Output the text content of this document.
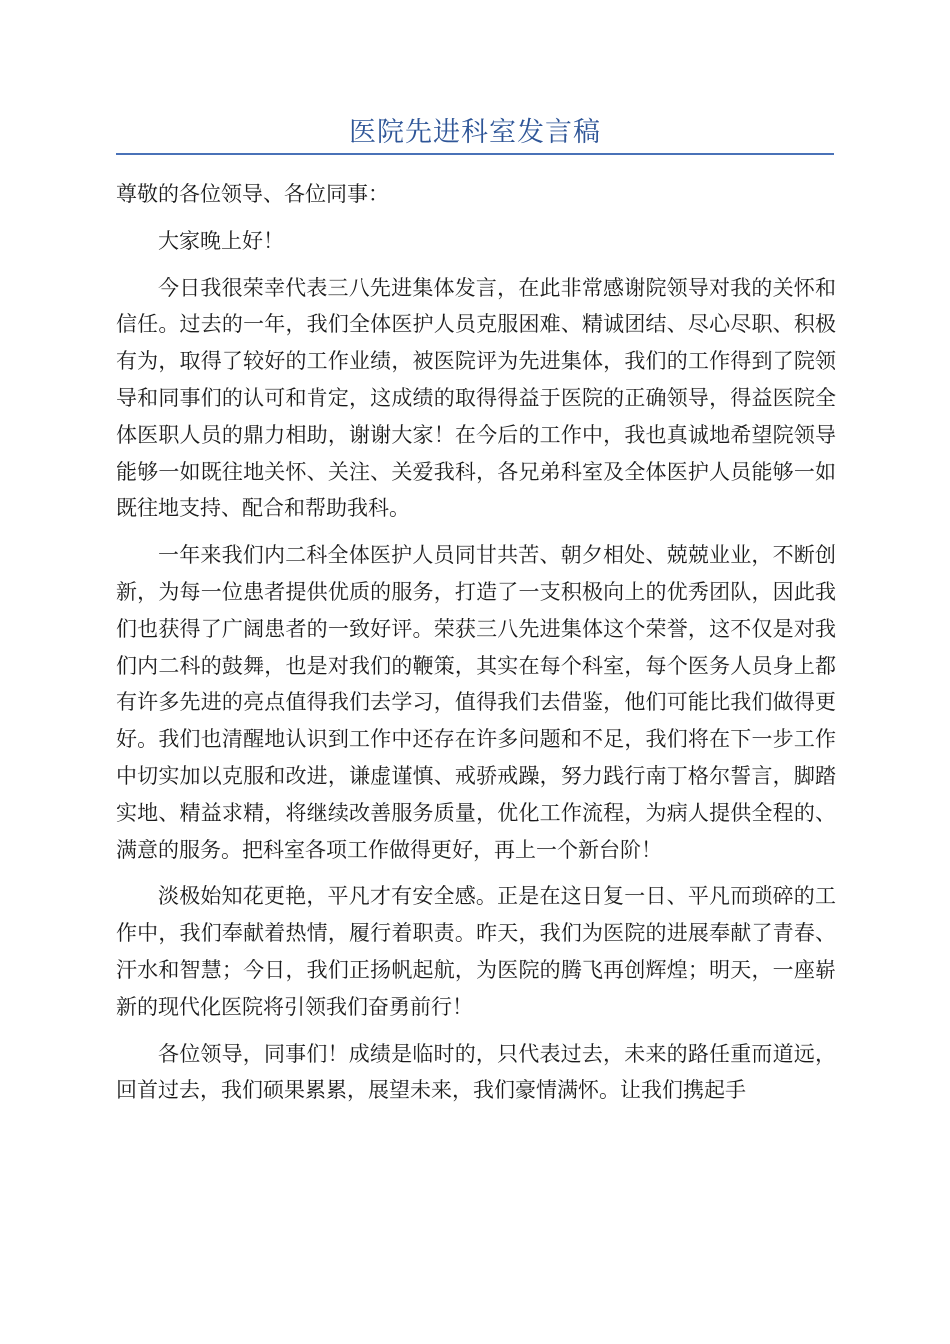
医院先进科室发言稿

尊敬的各位领导、各位同事：

大家晚上好！

今日我很荣幸代表三八先进集体发言，在此非常感谢院领导对我的关怀和信任。过去的一年，我们全体医护人员克服困难、精诚团结、尽心尽职、积极有为，取得了较好的工作业绩，被医院评为先进集体，我们的工作得到了院领导和同事们的认可和肯定，这成绩的取得得益于医院的正确领导，得益医院全体医职人员的鼎力相助，谢谢大家！在今后的工作中，我也真诚地希望院领导能够一如既往地关怀、关注、关爱我科，各兄弟科室及全体医护人员能够一如既往地支持、配合和帮助我科。

一年来我们内二科全体医护人员同甘共苦、朝夕相处、兢兢业业，不断创新，为每一位患者提供优质的服务，打造了一支积极向上的优秀团队，因此我们也获得了广阔患者的一致好评。荣获三八先进集体这个荣誉，这不仅是对我们内二科的鼓舞，也是对我们的鞭策，其实在每个科室，每个医务人员身上都有许多先进的亮点值得我们去学习，值得我们去借鉴，他们可能比我们做得更好。我们也清醒地认识到工作中还存在许多问题和不足，我们将在下一步工作中切实加以克服和改进，谦虚谨慎、戒骄戒躁，努力践行南丁格尔誓言，脚踏实地、精益求精，将继续改善服务质量，优化工作流程，为病人提供全程的、满意的服务。把科室各项工作做得更好，再上一个新台阶！

淡极始知花更艳，平凡才有安全感。正是在这日复一日、平凡而琐碎的工作中，我们奉献着热情，履行着职责。昨天，我们为医院的进展奉献了青春、汗水和智慧；今日，我们正扬帆起航，为医院的腾飞再创辉煌；明天，一座崭新的现代化医院将引领我们奋勇前行！

各位领导，同事们！成绩是临时的，只代表过去，未来的路任重而道远，回首过去，我们硕果累累，展望未来，我们豪情满怀。让我们携起手
